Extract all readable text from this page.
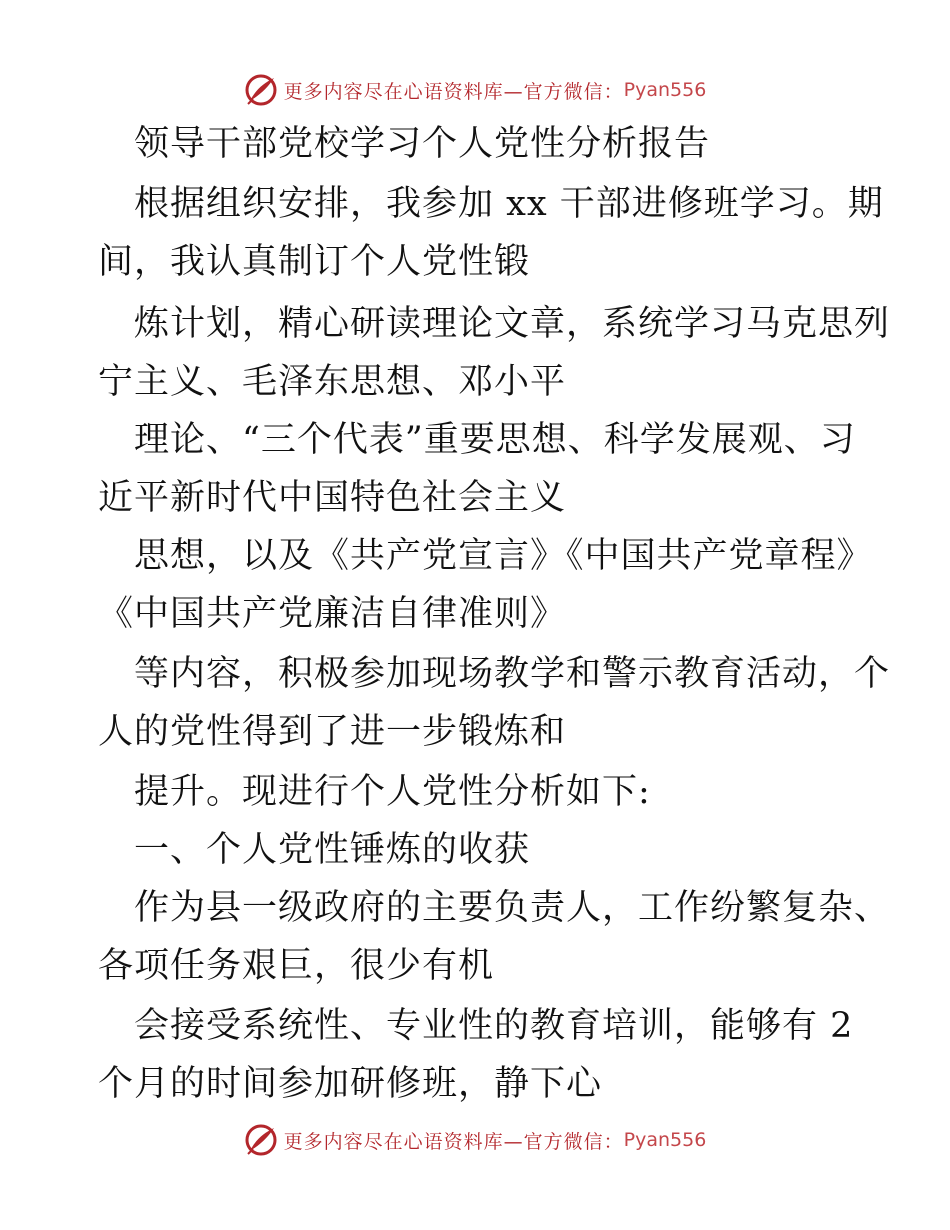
更多内容尽在心语资料库—官方微信： Pyan556
领导干部党校学习个人党性分析报告
根据组织安排，我参加 xx 干部进修班学习。期
间，我认真制订个人党性锻
炼计划，精心研读理论文章，系统学习马克思列
宁主义、毛泽东思想、邓小平
理论、“三个代表”重要思想、科学发展观、习
近平新时代中国特色社会主义
思想，以及《共产党宣言》《中国共产党章程》
《中国共产党廉洁自律准则》
等内容，积极参加现场教学和警示教育活动，个
人的党性得到了进一步锻炼和
提升。现进行个人党性分析如下:
一、个人党性锤炼的收获
作为县一级政府的主要负责人，工作纷繁复杂、
各项任务艰巨，很少有机
会接受系统性、专业性的教育培训，能够有 2
个月的时间参加研修班，静下心
更多内容尽在心语资料库—官方微信： Pyan556
